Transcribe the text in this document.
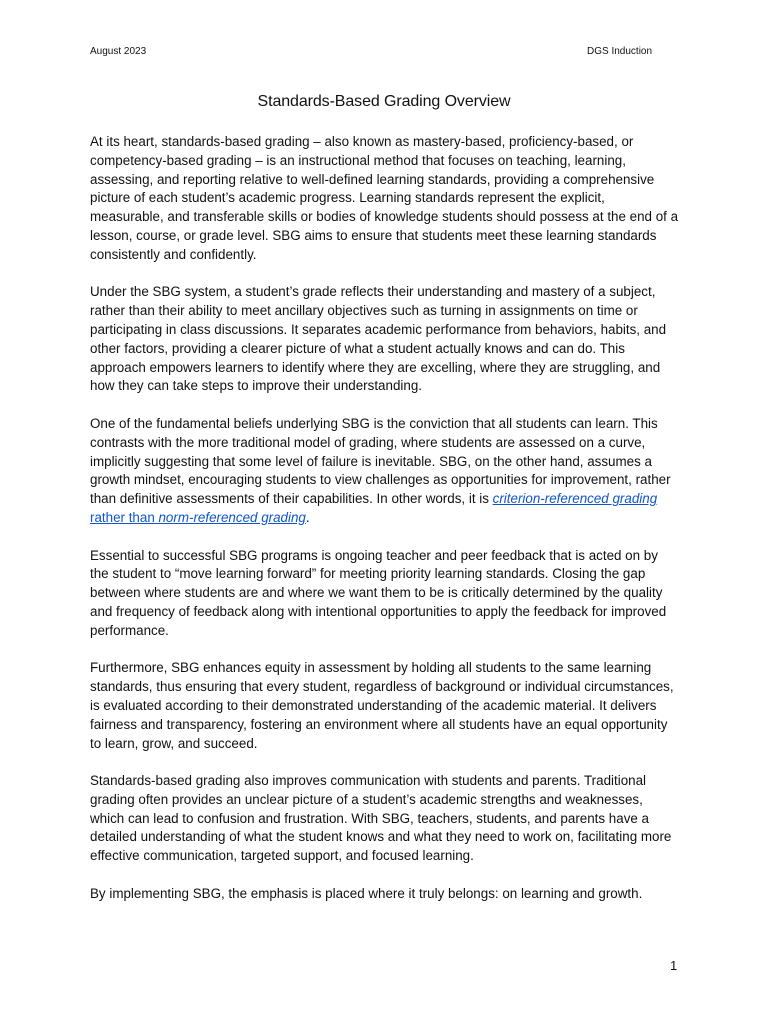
August 2023	DGS Induction
Standards-Based Grading Overview

At its heart, standards-based grading – also known as mastery-based, proficiency-based, or competency-based grading – is an instructional method that focuses on teaching, learning, assessing, and reporting relative to well-defined learning standards, providing a comprehensive picture of each student’s academic progress. Learning standards represent the explicit, measurable, and transferable skills or bodies of knowledge students should possess at the end of a lesson, course, or grade level. SBG aims to ensure that students meet these learning standards consistently and confidently.

Under the SBG system, a student’s grade reflects their understanding and mastery of a subject, rather than their ability to meet ancillary objectives such as turning in assignments on time or participating in class discussions. It separates academic performance from behaviors, habits, and other factors, providing a clearer picture of what a student actually knows and can do. This approach empowers learners to identify where they are excelling, where they are struggling, and how they can take steps to improve their understanding.

One of the fundamental beliefs underlying SBG is the conviction that all students can learn. This contrasts with the more traditional model of grading, where students are assessed on a curve, implicitly suggesting that some level of failure is inevitable. SBG, on the other hand, assumes a growth mindset, encouraging students to view challenges as opportunities for improvement, rather than definitive assessments of their capabilities. In other words, it is criterion-referenced grading rather than norm-referenced grading.

Essential to successful SBG programs is ongoing teacher and peer feedback that is acted on by the student to “move learning forward” for meeting priority learning standards. Closing the gap between where students are and where we want them to be is critically determined by the quality and frequency of feedback along with intentional opportunities to apply the feedback for improved performance.

Furthermore, SBG enhances equity in assessment by holding all students to the same learning standards, thus ensuring that every student, regardless of background or individual circumstances, is evaluated according to their demonstrated understanding of the academic material. It delivers fairness and transparency, fostering an environment where all students have an equal opportunity to learn, grow, and succeed.

Standards-based grading also improves communication with students and parents. Traditional grading often provides an unclear picture of a student’s academic strengths and weaknesses, which can lead to confusion and frustration. With SBG, teachers, students, and parents have a detailed understanding of what the student knows and what they need to work on, facilitating more effective communication, targeted support, and focused learning.

By implementing SBG, the emphasis is placed where it truly belongs: on learning and growth.

1
